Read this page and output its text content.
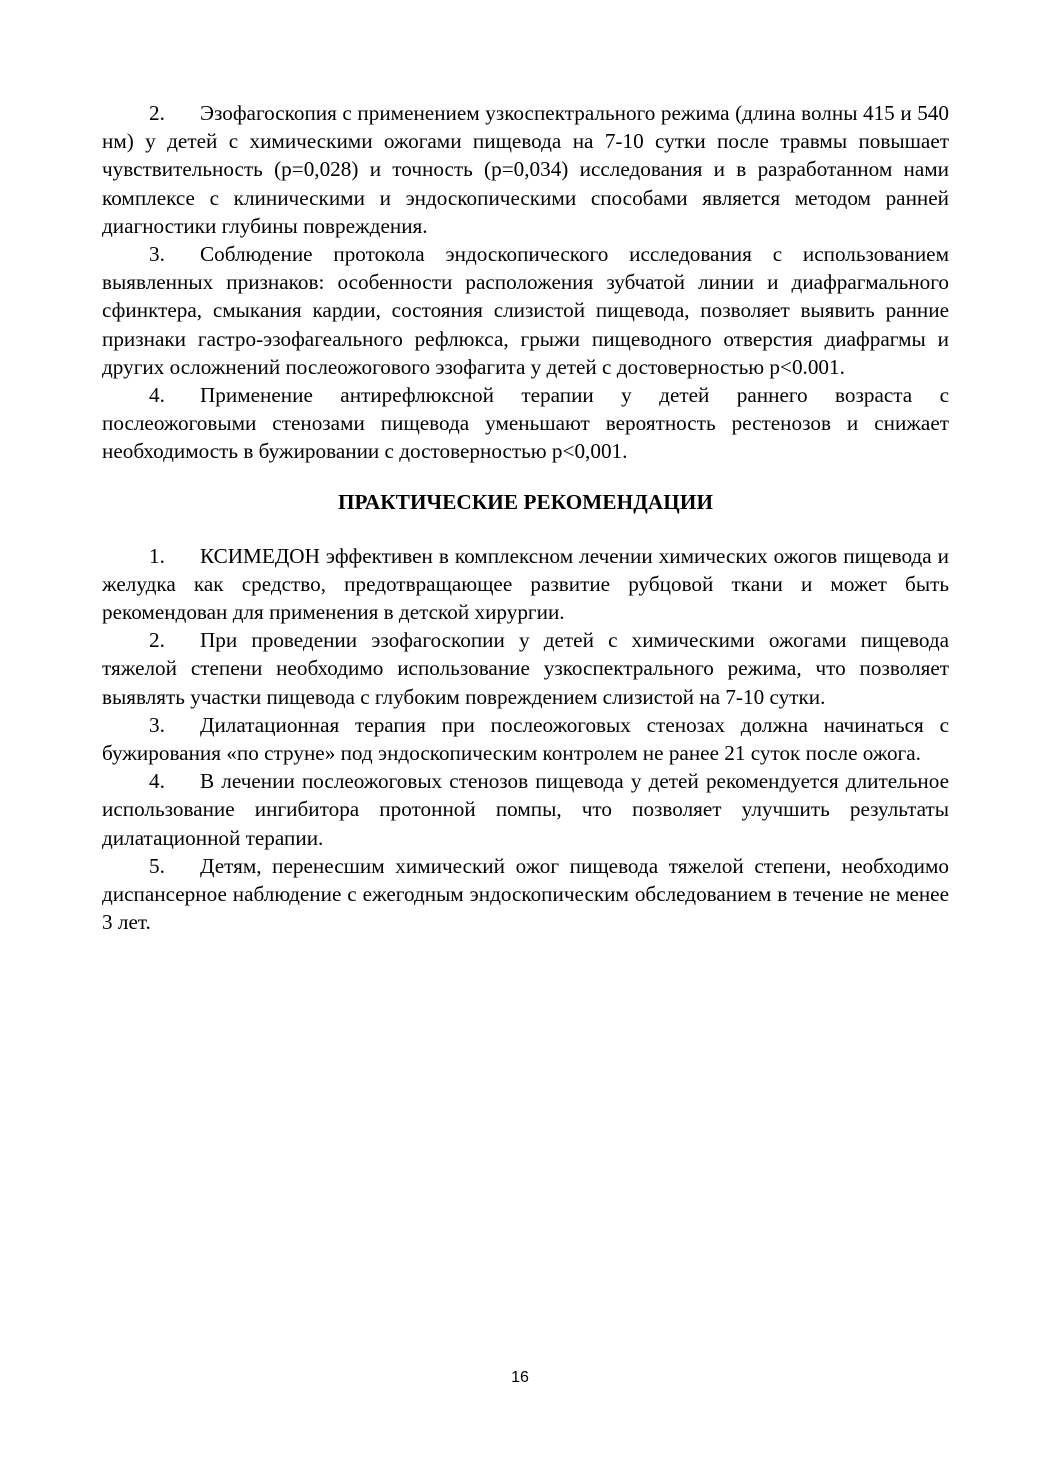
2. Эзофагоскопия с применением узкоспектрального режима (длина волны 415 и 540 нм) у детей с химическими ожогами пищевода на 7-10 сутки после травмы повышает чувствительность (р=0,028) и точность (р=0,034) исследования и в разработанном нами комплексе с клиническими и эндоскопическими способами является методом ранней диагностики глубины повреждения.

3. Соблюдение протокола эндоскопического исследования с использованием выявленных признаков: особенности расположения зубчатой линии и диафрагмального сфинктера, смыкания кардии, состояния слизистой пищевода, позволяет выявить ранние признаки гастро-эзофагеального рефлюкса, грыжи пищеводного отверстия диафрагмы и других осложнений послеожогового эзофагита у детей с достоверностью p<0.001.

4. Применение антирефлюксной терапии у детей раннего возраста с послеожоговыми стенозами пищевода уменьшают вероятность рестенозов и снижает необходимость в бужировании с достоверностью p<0,001.

ПРАКТИЧЕСКИЕ РЕКОМЕНДАЦИИ

1. КСИМЕДОН эффективен в комплексном лечении химических ожогов пищевода и желудка как средство, предотвращающее развитие рубцовой ткани и может быть рекомендован для применения в детской хирургии.

2. При проведении эзофагоскопии у детей с химическими ожогами пищевода тяжелой степени необходимо использование узкоспектрального режима, что позволяет выявлять участки пищевода с глубоким повреждением слизистой на 7-10 сутки.

3. Дилатационная терапия при послеожоговых стенозах должна начинаться с бужирования «по струне» под эндоскопическим контролем не ранее 21 суток после ожога.

4. В лечении послеожоговых стенозов пищевода у детей рекомендуется длительное использование ингибитора протонной помпы, что позволяет улучшить результаты дилатационной терапии.

5. Детям, перенесшим химический ожог пищевода тяжелой степени, необходимо диспансерное наблюдение с ежегодным эндоскопическим обследованием в течение не менее 3 лет.

16
